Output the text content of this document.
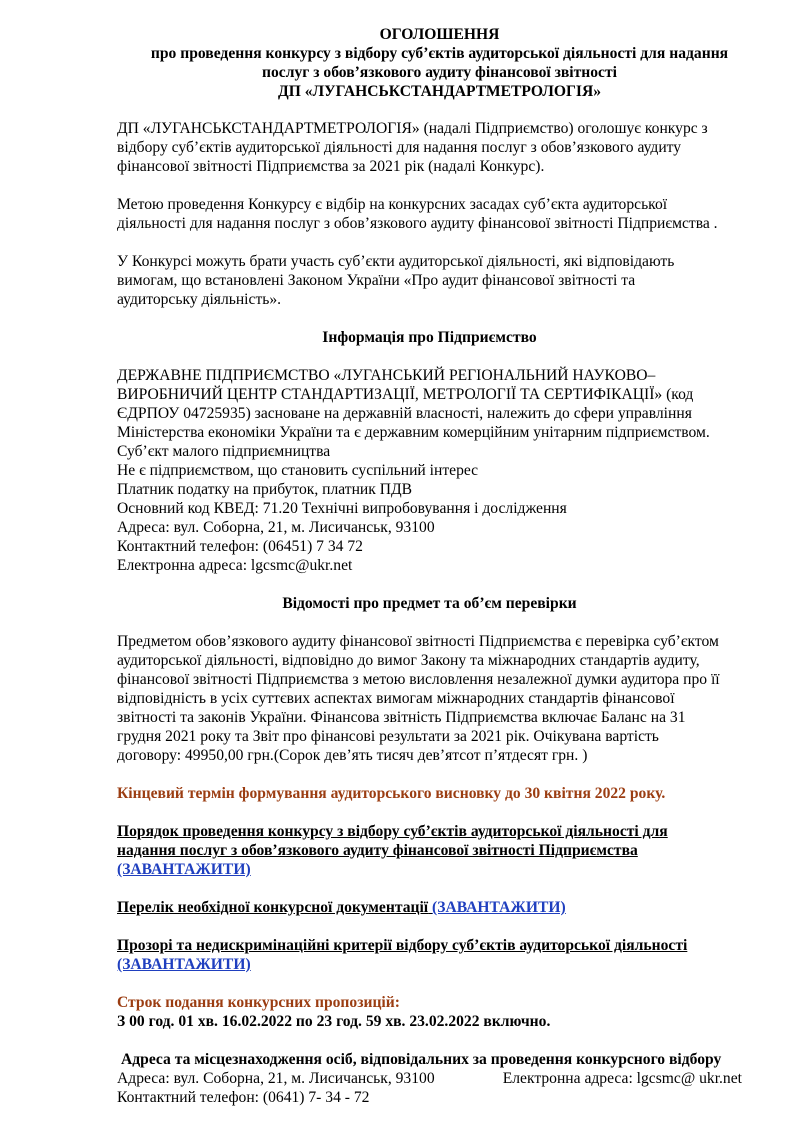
ОГОЛОШЕННЯ

про проведення конкурсу з відбору суб’єктів аудиторської діяльності для надання

послуг з обов’язкового аудиту фінансової звітності

ДП «ЛУГАНСЬКСТАНДАРТМЕТРОЛОГІЯ»

ДП «ЛУГАНСЬКСТАНДАРТМЕТРОЛОГІЯ» (надалі Підприємство) оголошує конкурс з
відбору суб’єктів аудиторської діяльності для надання послуг з обов’язкового аудиту
фінансової звітності Підприємства за 2021 рік (надалі Конкурс).
Метою проведення Конкурсу є відбір на конкурсних засадах суб’єкта аудиторської
діяльності для надання послуг з обов’язкового аудиту фінансової звітності Підприємства .
У Конкурсі можуть брати участь суб’єкти аудиторської діяльності, які відповідають
вимогам, що встановлені Законом України «Про аудит фінансової звітності та
аудиторську діяльність».

Інформація про Підприємство

ДЕРЖАВНЕ ПІДПРИЄМСТВО «ЛУГАНСЬКИЙ РЕГІОНАЛЬНИЙ НАУКОВО–
ВИРОБНИЧИЙ ЦЕНТР СТАНДАРТИЗАЦІЇ, МЕТРОЛОГІЇ ТА СЕРТИФІКАЦІЇ» (код
ЄДРПОУ 04725935) засноване на державній власності, належить до сфери управління
Міністерства економіки України та є державним комерційним унітарним підприємством.
Суб’єкт малого підприємництва
Не є підприємством, що становить суспільний інтерес
Платник податку на прибуток, платник ПДВ
Основний код КВЕД: 71.20 Технічні випробовування і дослідження
Адреса: вул. Соборна, 21, м. Лисичанськ, 93100
Контактний телефон: (06451) 7 34 72
Електронна адреса: lgcsmc@ukr.net

Відомості про предмет та об’єм перевірки

Предметом обов’язкового аудиту фінансової звітності Підприємства є перевірка суб’єктом
аудиторської діяльності, відповідно до вимог Закону та міжнародних стандартів аудиту,
фінансової звітності Підприємства з метою висловлення незалежної думки аудитора про її
відповідність в усіх суттєвих аспектах вимогам міжнародних стандартів фінансової
звітності та законів України. Фінансова звітність Підприємства включає Баланс на 31
грудня 2021 року та Звіт про фінансові результати за 2021 рік. Очікувана вартість
договору: 49950,00 грн.(Сорок дев’ять тисяч дев’ятсот п’ятдесят грн. )

Кінцевий термін формування аудиторського висновку до 30 квітня 2022 року.

Порядок проведення конкурсу з відбору суб’єктів аудиторської діяльності для
надання послуг з обов’язкового аудиту фінансової звітності Підприємства
(ЗАВАНТАЖИТИ)
Перелік необхідної конкурсної документації (ЗАВАНТАЖИТИ)
Прозорі та недискримінаційні критерії відбору суб’єктів аудиторської діяльності
(ЗАВАНТАЖИТИ)
Строк подання конкурсних пропозицій:
З 00 год. 01 хв. 16.02.2022 по 23 год. 59 хв. 23.02.2022 включно.
Адреса та місцезнаходження осіб, відповідальних за проведення конкурсного відбору
Адреса: вул. Соборна, 21, м. Лисичанськ, 93100	Електронна адреса: lgcsmc@ ukr.net
Контактний телефон: (0641) 7- 34 - 72
